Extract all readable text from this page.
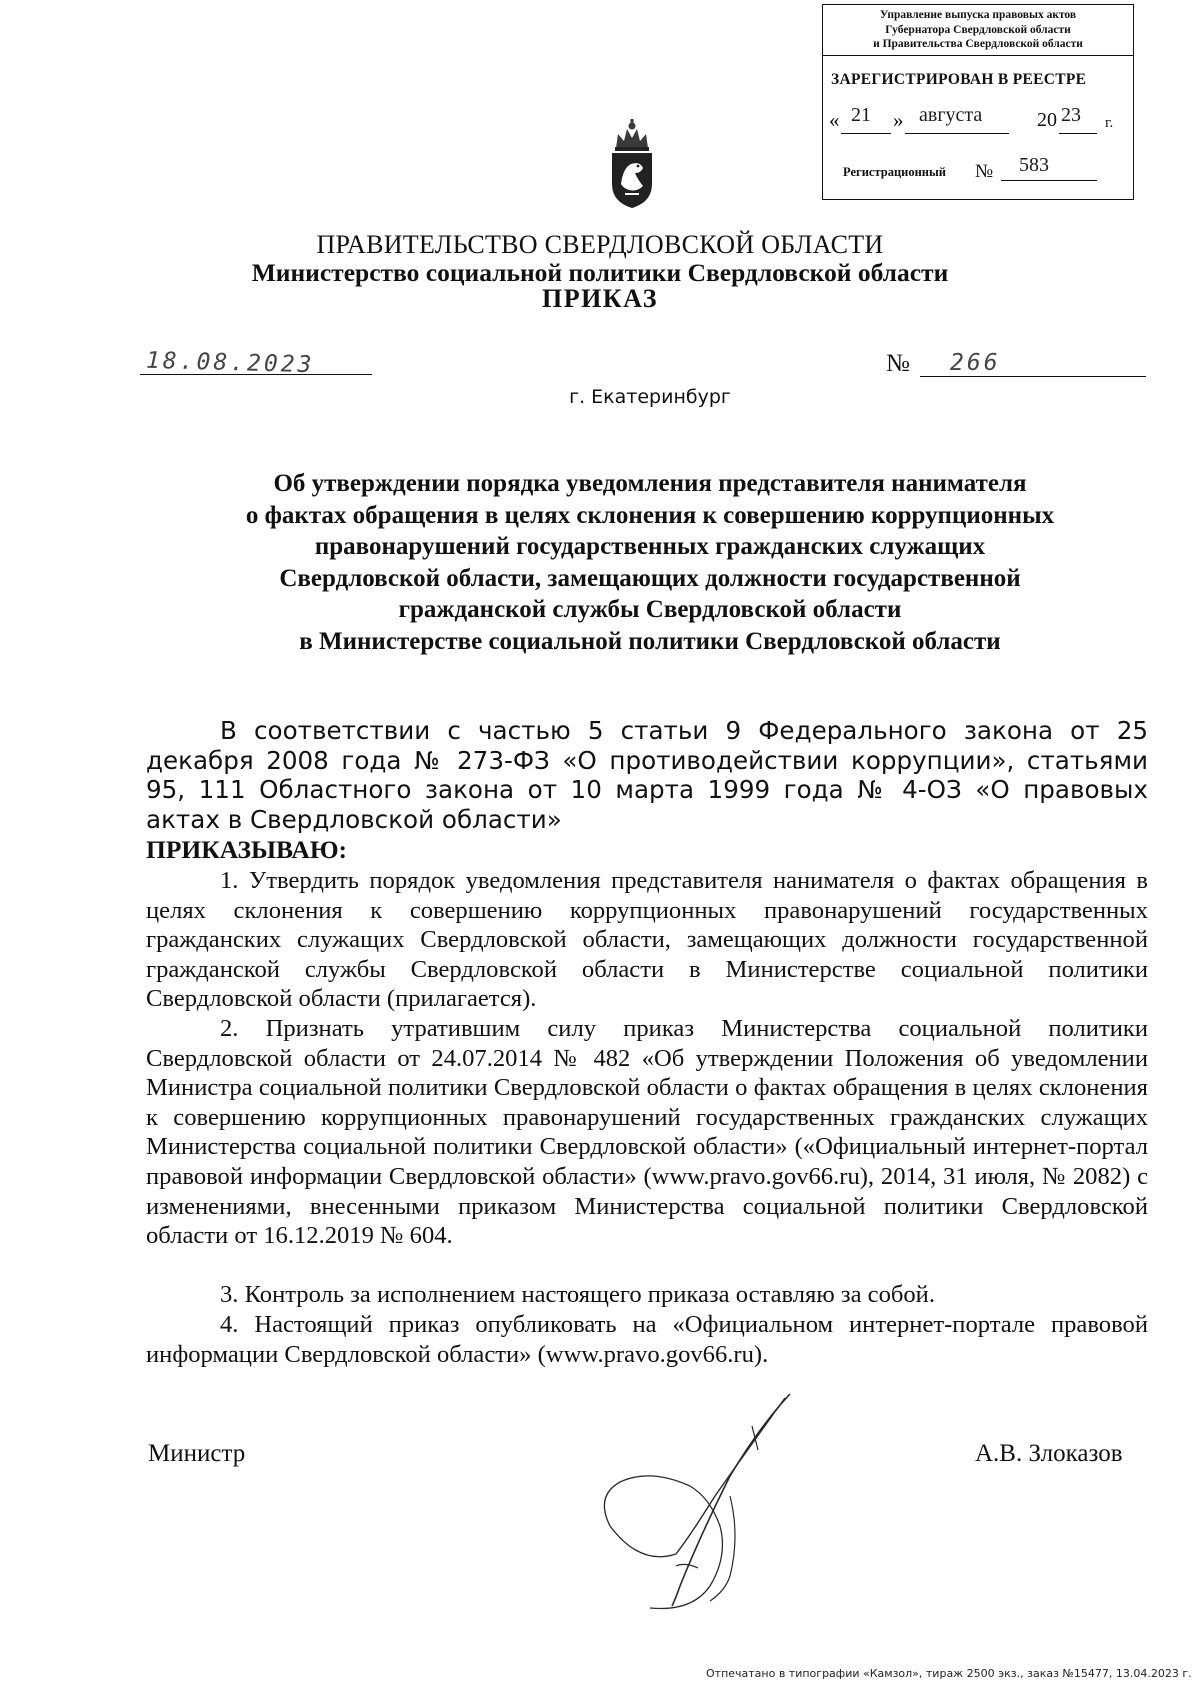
Управление выпуска правовых актов
Губернатора Свердловской области
и Правительства Свердловской области
ЗАРЕГИСТРИРОВАН В РЕЕСТРЕ
« 21 » августа	20 23 г.
Регистрационный № 583
ПРАВИТЕЛЬСТВО СВЕРДЛОВСКОЙ ОБЛАСТИ
Министерство социальной политики Свердловской области
ПРИКАЗ
18.08.2023	№ 266
г. Екатеринбург
Об утверждении порядка уведомления представителя нанимателя
о фактах обращения в целях склонения к совершению коррупционных
правонарушений государственных гражданских служащих
Свердловской области, замещающих должности государственной
гражданской службы Свердловской области
в Министерстве социальной политики Свердловской области
В соответствии с частью 5 статьи 9 Федерального закона от 25 декабря 2008 года № 273-ФЗ «О противодействии коррупции», статьями 95, 111 Областного закона от 10 марта 1999 года № 4-ОЗ «О правовых актах в Свердловской области»
ПРИКАЗЫВАЮ:
1. Утвердить порядок уведомления представителя нанимателя о фактах обращения в целях склонения к совершению коррупционных правонарушений государственных гражданских служащих Свердловской области, замещающих должности государственной гражданской службы Свердловской области в Министерстве социальной политики Свердловской области (прилагается).
2. Признать утратившим силу приказ Министерства социальной политики Свердловской области от 24.07.2014 № 482 «Об утверждении Положения об уведомлении Министра социальной политики Свердловской области о фактах обращения в целях склонения к совершению коррупционных правонарушений государственных гражданских служащих Министерства социальной политики Свердловской области» («Официальный интернет-портал правовой информации Свердловской области» (www.pravo.gov66.ru), 2014, 31 июля, № 2082) с изменениями, внесенными приказом Министерства социальной политики Свердловской области от 16.12.2019 № 604.
3. Контроль за исполнением настоящего приказа оставляю за собой.
4. Настоящий приказ опубликовать на «Официальном интернет-портале правовой информации Свердловской области» (www.pravo.gov66.ru).
Министр	А.В. Злоказов
Отпечатано в типографии «Камзол», тираж 2500 экз., заказ №15477, 13.04.2023 г.
